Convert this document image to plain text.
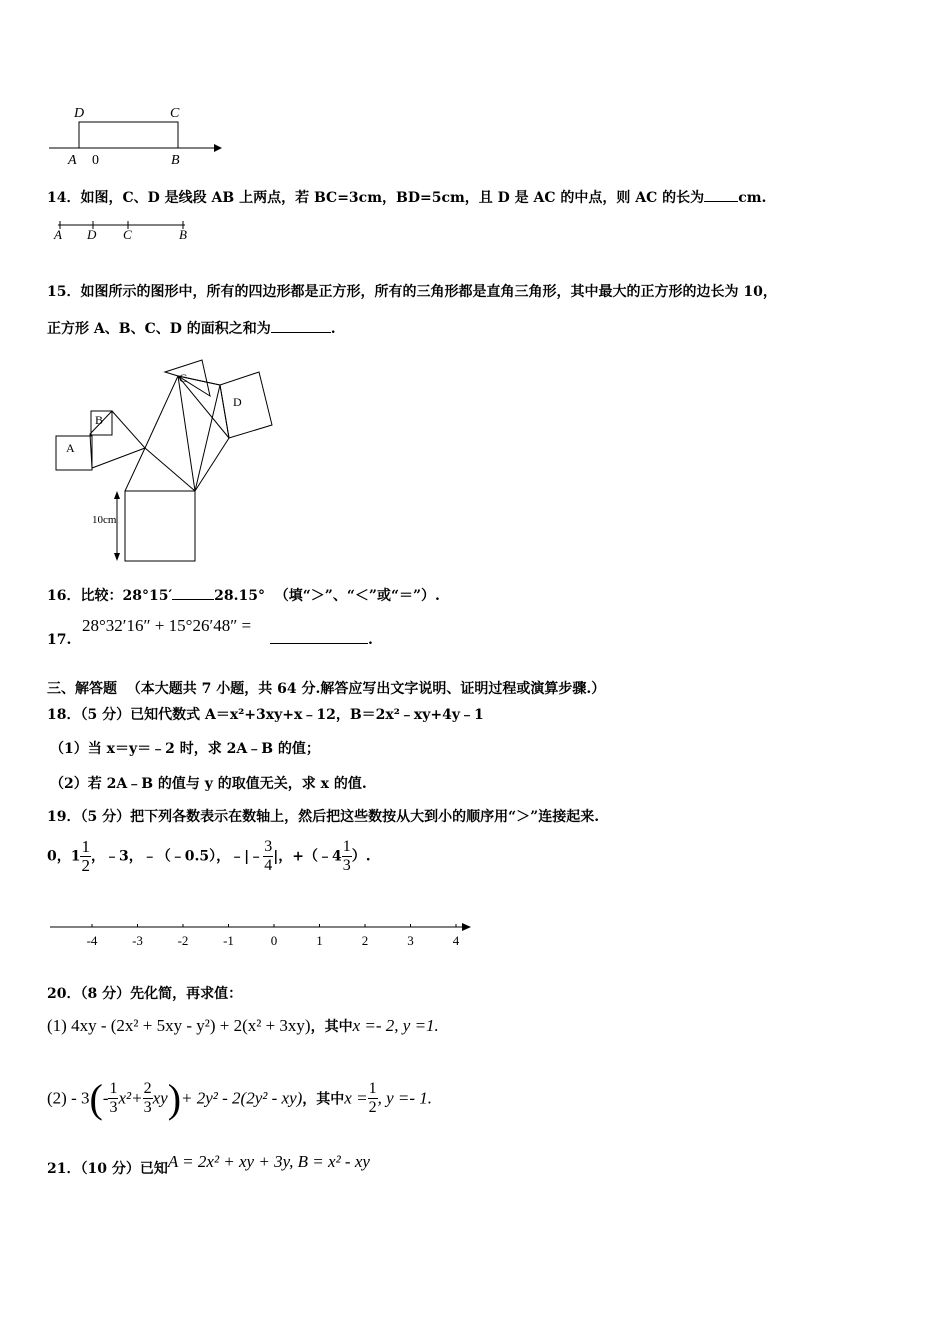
D	C
A 0	B
14．如图，C、D 是线段 AB 上两点，若 BC=3cm，BD=5cm，且 D 是 AC 的中点，则 AC 的长为 cm.
A D C	B
15．如图所示的图形中，所有的四边形都是正方形，所有的三角形都是直角三角形，其中最大的正方形的边长为 10，
正方形 A、B、C、D 的面积之和为	.
A
B
C
D
10cm
16．比较：28°15′	28.15° （填“＞”、“＜”或“＝”）.
17.
28°32′16″ + 15°26′48″ =
.
三、解答题 （本大题共 7 小题，共 64 分.解答应写出文字说明、证明过程或演算步骤.）
18．（5 分）已知代数式 A＝x²+3xy+x﹣12，B＝2x²﹣xy+4y﹣1
（1）当 x＝y＝﹣2 时，求 2A﹣B 的值；
（2）若 2A﹣B 的值与 y 的取值无关，求 x 的值.
19．（5 分）把下列各数表示在数轴上，然后把这些数按从大到小的顺序用“＞”连接起来.
0，$1 \frac{1}{2}$ ，﹣3，﹣（﹣0.5），﹣|﹣ $\frac{3}{4}$ |，+（﹣4 $\frac{1}{3}$ ）.
-4	-3	-2	-1	0	1	2	3	4
20．（8 分）先化简，再求值：
(1) 4xy - (2x² + 5xy - y²) + 2(x² + 3xy)，其中x =- 2, y =1.
$(2) - 3(- \frac{1}{3} x^2+ \frac{2}{3} xy)+ 2y^2 - 2(2y^2 - xy)$，其中$x = \frac{1}{2}$ , y =- 1.
21．（10 分）已知A = 2x² + xy + 3y, B = x² - xy
